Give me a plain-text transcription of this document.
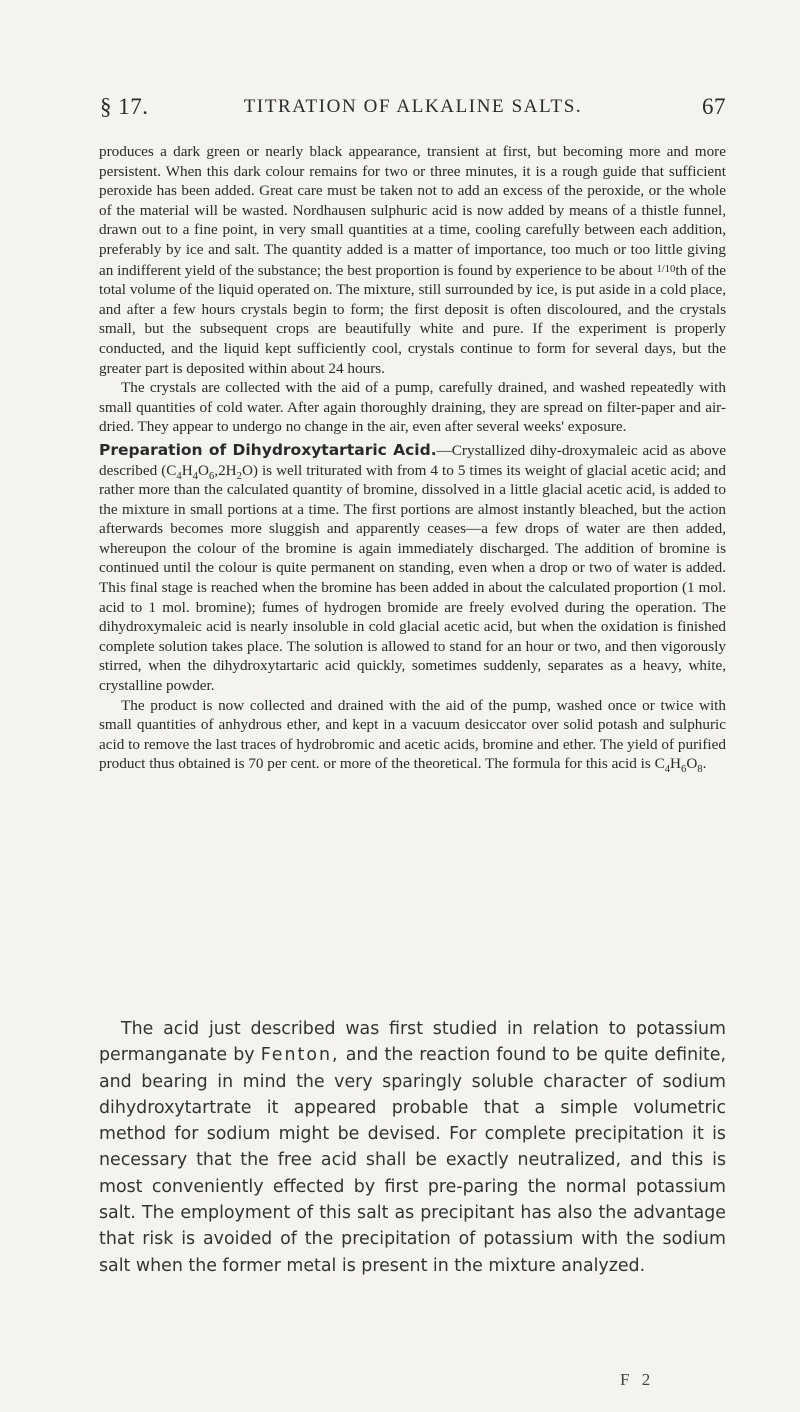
§ 17.	TITRATION OF ALKALINE SALTS.	67

produces a dark green or nearly black appearance, transient at first, but becoming more and more persistent. When this dark colour remains for two or three minutes, it is a rough guide that sufficient peroxide has been added. Great care must be taken not to add an excess of the peroxide, or the whole of the material will be wasted. Nordhausen sulphuric acid is now added by means of a thistle funnel, drawn out to a fine point, in very small quantities at a time, cooling carefully between each addition, preferably by ice and salt. The quantity added is a matter of importance, too much or too little giving an indifferent yield of the substance; the best proportion is found by experience to be about 1/10th of the total volume of the liquid operated on. The mixture, still surrounded by ice, is put aside in a cold place, and after a few hours crystals begin to form; the first deposit is often discoloured, and the crystals small, but the subsequent crops are beautifully white and pure. If the experiment is properly conducted, and the liquid kept sufficiently cool, crystals continue to form for several days, but the greater part is deposited within about 24 hours.

The crystals are collected with the aid of a pump, carefully drained, and washed repeatedly with small quantities of cold water. After again thoroughly draining, they are spread on filter-paper and air-dried. They appear to undergo no change in the air, even after several weeks' exposure.

Preparation of Dihydroxytartaric Acid.—Crystallized dihy-droxymaleic acid as above described $(C_4H_4O_6,2H_2O)$ is well triturated with from 4 to 5 times its weight of glacial acetic acid; and rather more than the calculated quantity of bromine, dissolved in a little glacial acetic acid, is added to the mixture in small portions at a time. The first portions are almost instantly bleached, but the action afterwards becomes more sluggish and apparently ceases—a few drops of water are then added, whereupon the colour of the bromine is again immediately discharged. The addition of bromine is continued until the colour is quite permanent on standing, even when a drop or two of water is added. This final stage is reached when the bromine has been added in about the calculated proportion (1 mol. acid to 1 mol. bromine); fumes of hydrogen bromide are freely evolved during the operation. The dihydroxymaleic acid is nearly insoluble in cold glacial acetic acid, but when the oxidation is finished complete solution takes place. The solution is allowed to stand for an hour or two, and then vigorously stirred, when the dihydroxytartaric acid quickly, sometimes suddenly, separates as a heavy, white, crystalline powder.

The product is now collected and drained with the aid of the pump, washed once or twice with small quantities of anhydrous ether, and kept in a vacuum desiccator over solid potash and sulphuric acid to remove the last traces of hydrobromic and acetic acids, bromine and ether. The yield of purified product thus obtained is 70 per cent. or more of the theoretical. The formula for this acid is $C_4H_6O_8$.

The acid just described was first studied in relation to potassium permanganate by Fenton, and the reaction found to be quite definite, and bearing in mind the very sparingly soluble character of sodium dihydroxytartrate it appeared probable that a simple volumetric method for sodium might be devised. For complete precipitation it is necessary that the free acid shall be exactly neutralized, and this is most conveniently effected by first pre-paring the normal potassium salt. The employment of this salt as precipitant has also the advantage that risk is avoided of the precipitation of potassium with the sodium salt when the former metal is present in the mixture analyzed.

F 2
